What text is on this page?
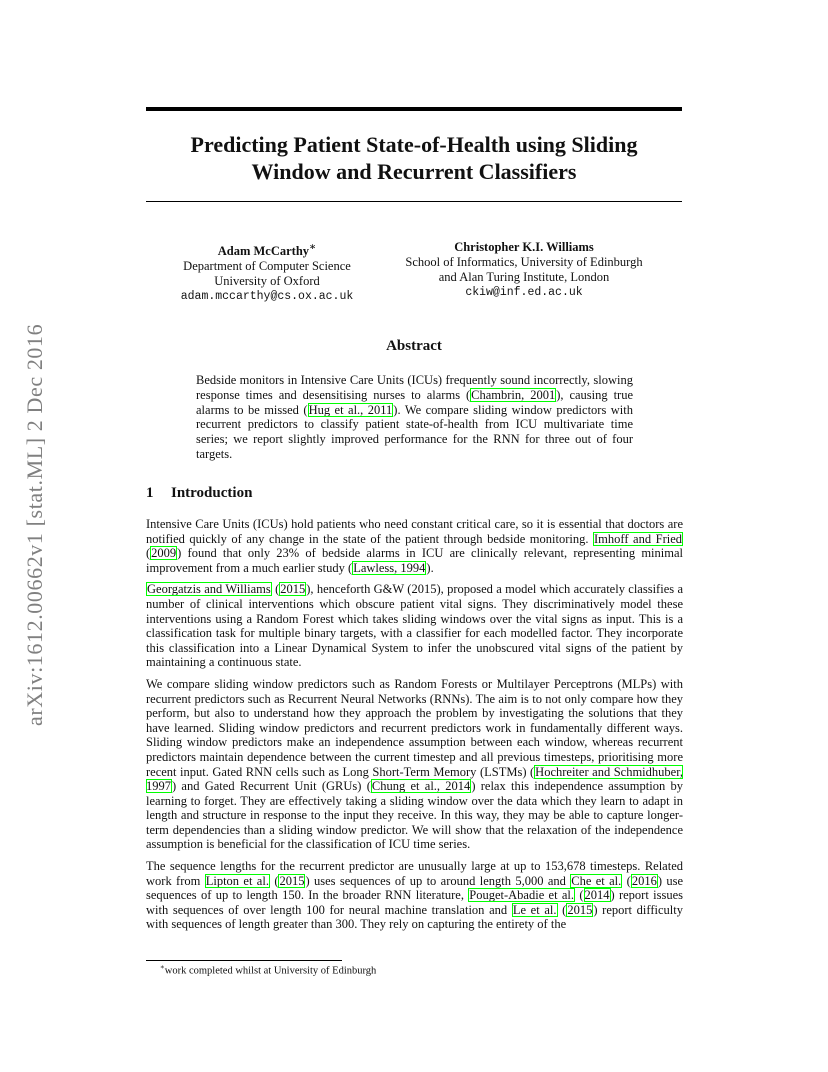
arXiv:1612.00662v1 [stat.ML] 2 Dec 2016
Predicting Patient State-of-Health using Sliding
Window and Recurrent Classifiers
Adam McCarthy∗
Department of Computer Science
University of Oxford
adam.mccarthy@cs.ox.ac.uk
Christopher K.I. Williams
School of Informatics, University of Edinburgh
and Alan Turing Institute, London
ckiw@inf.ed.ac.uk
Abstract

Bedside monitors in Intensive Care Units (ICUs) frequently sound incorrectly, slowing response times and desensitising nurses to alarms (Chambrin, 2001), causing true alarms to be missed (Hug et al., 2011). We compare sliding window predictors with recurrent predictors to classify patient state-of-health from ICU multivariate time series; we report slightly improved performance for the RNN for three out of four targets.

1 Introduction

Intensive Care Units (ICUs) hold patients who need constant critical care, so it is essential that doctors are notified quickly of any change in the state of the patient through bedside monitoring. Imhoff and Fried (2009) found that only 23% of bedside alarms in ICU are clinically relevant, representing minimal improvement from a much earlier study (Lawless, 1994).

Georgatzis and Williams (2015), henceforth G&W (2015), proposed a model which accurately classifies a number of clinical interventions which obscure patient vital signs. They discriminatively model these interventions using a Random Forest which takes sliding windows over the vital signs as input. This is a classification task for multiple binary targets, with a classifier for each modelled factor. They incorporate this classification into a Linear Dynamical System to infer the unobscured vital signs of the patient by maintaining a continuous state.

We compare sliding window predictors such as Random Forests or Multilayer Perceptrons (MLPs) with recurrent predictors such as Recurrent Neural Networks (RNNs). The aim is to not only compare how they perform, but also to understand how they approach the problem by investigating the solutions that they have learned. Sliding window predictors and recurrent predictors work in fundamentally different ways. Sliding window predictors make an independence assumption between each window, whereas recurrent predictors maintain dependence between the current timestep and all previous timesteps, prioritising more recent input. Gated RNN cells such as Long Short-Term Memory (LSTMs) (Hochreiter and Schmidhuber, 1997) and Gated Recurrent Unit (GRUs) (Chung et al., 2014) relax this independence assumption by learning to forget. They are effectively taking a sliding window over the data which they learn to adapt in length and structure in response to the input they receive. In this way, they may be able to capture longer-term dependencies than a sliding window predictor. We will show that the relaxation of the independence assumption is beneficial for the classification of ICU time series.

The sequence lengths for the recurrent predictor are unusually large at up to 153,678 timesteps. Related work from Lipton et al. (2015) uses sequences of up to around length 5,000 and Che et al. (2016) use sequences of up to length 150. In the broader RNN literature, Pouget-Abadie et al. (2014) report issues with sequences of over length 100 for neural machine translation and Le et al. (2015) report difficulty with sequences of length greater than 300. They rely on capturing the entirety of the

∗work completed whilst at University of Edinburgh
